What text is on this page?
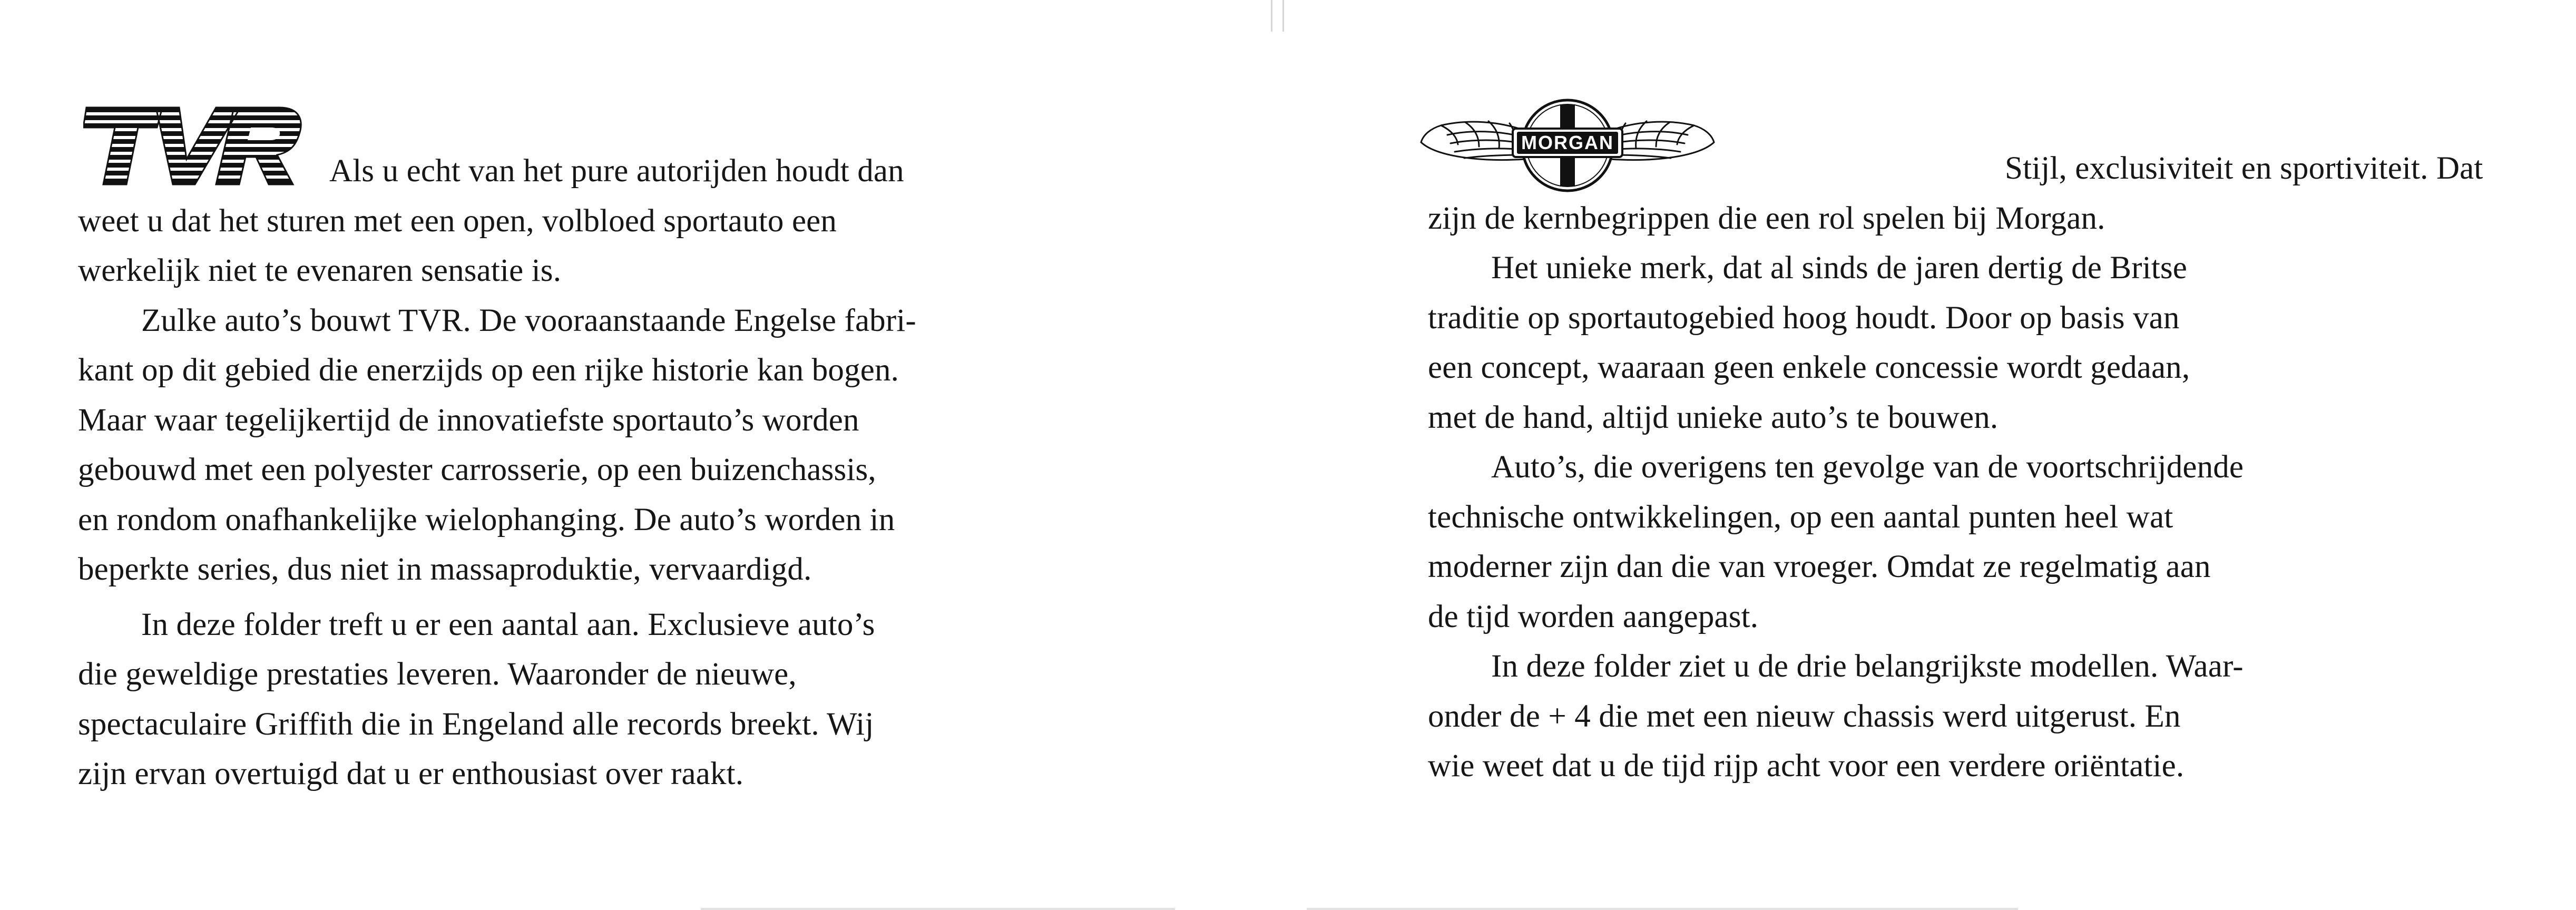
Als u echt van het pure autorijden houdt dan
weet u dat het sturen met een open, volbloed sportauto een
werkelijk niet te evenaren sensatie is.
Zulke auto’s bouwt TVR. De vooraanstaande Engelse fabri-
kant op dit gebied die enerzijds op een rijke historie kan bogen.
Maar waar tegelijkertijd de innovatiefste sportauto’s worden
gebouwd met een polyester carrosserie, op een buizenchassis,
en rondom onafhankelijke wielophanging. De auto’s worden in
beperkte series, dus niet in massaproduktie, vervaardigd.
In deze folder treft u er een aantal aan. Exclusieve auto’s
die geweldige prestaties leveren. Waaronder de nieuwe,
spectaculaire Griffith die in Engeland alle records breekt. Wij
zijn ervan overtuigd dat u er enthousiast over raakt.
MORGAN
Stijl, exclusiviteit en sportiviteit. Dat
zijn de kernbegrippen die een rol spelen bij Morgan.
Het unieke merk, dat al sinds de jaren dertig de Britse
traditie op sportautogebied hoog houdt. Door op basis van
een concept, waaraan geen enkele concessie wordt gedaan,
met de hand, altijd unieke auto’s te bouwen.
Auto’s, die overigens ten gevolge van de voortschrijdende
technische ontwikkelingen, op een aantal punten heel wat
moderner zijn dan die van vroeger. Omdat ze regelmatig aan
de tijd worden aangepast.
In deze folder ziet u de drie belangrijkste modellen. Waar-
onder de + 4 die met een nieuw chassis werd uitgerust. En
wie weet dat u de tijd rijp acht voor een verdere oriëntatie.
